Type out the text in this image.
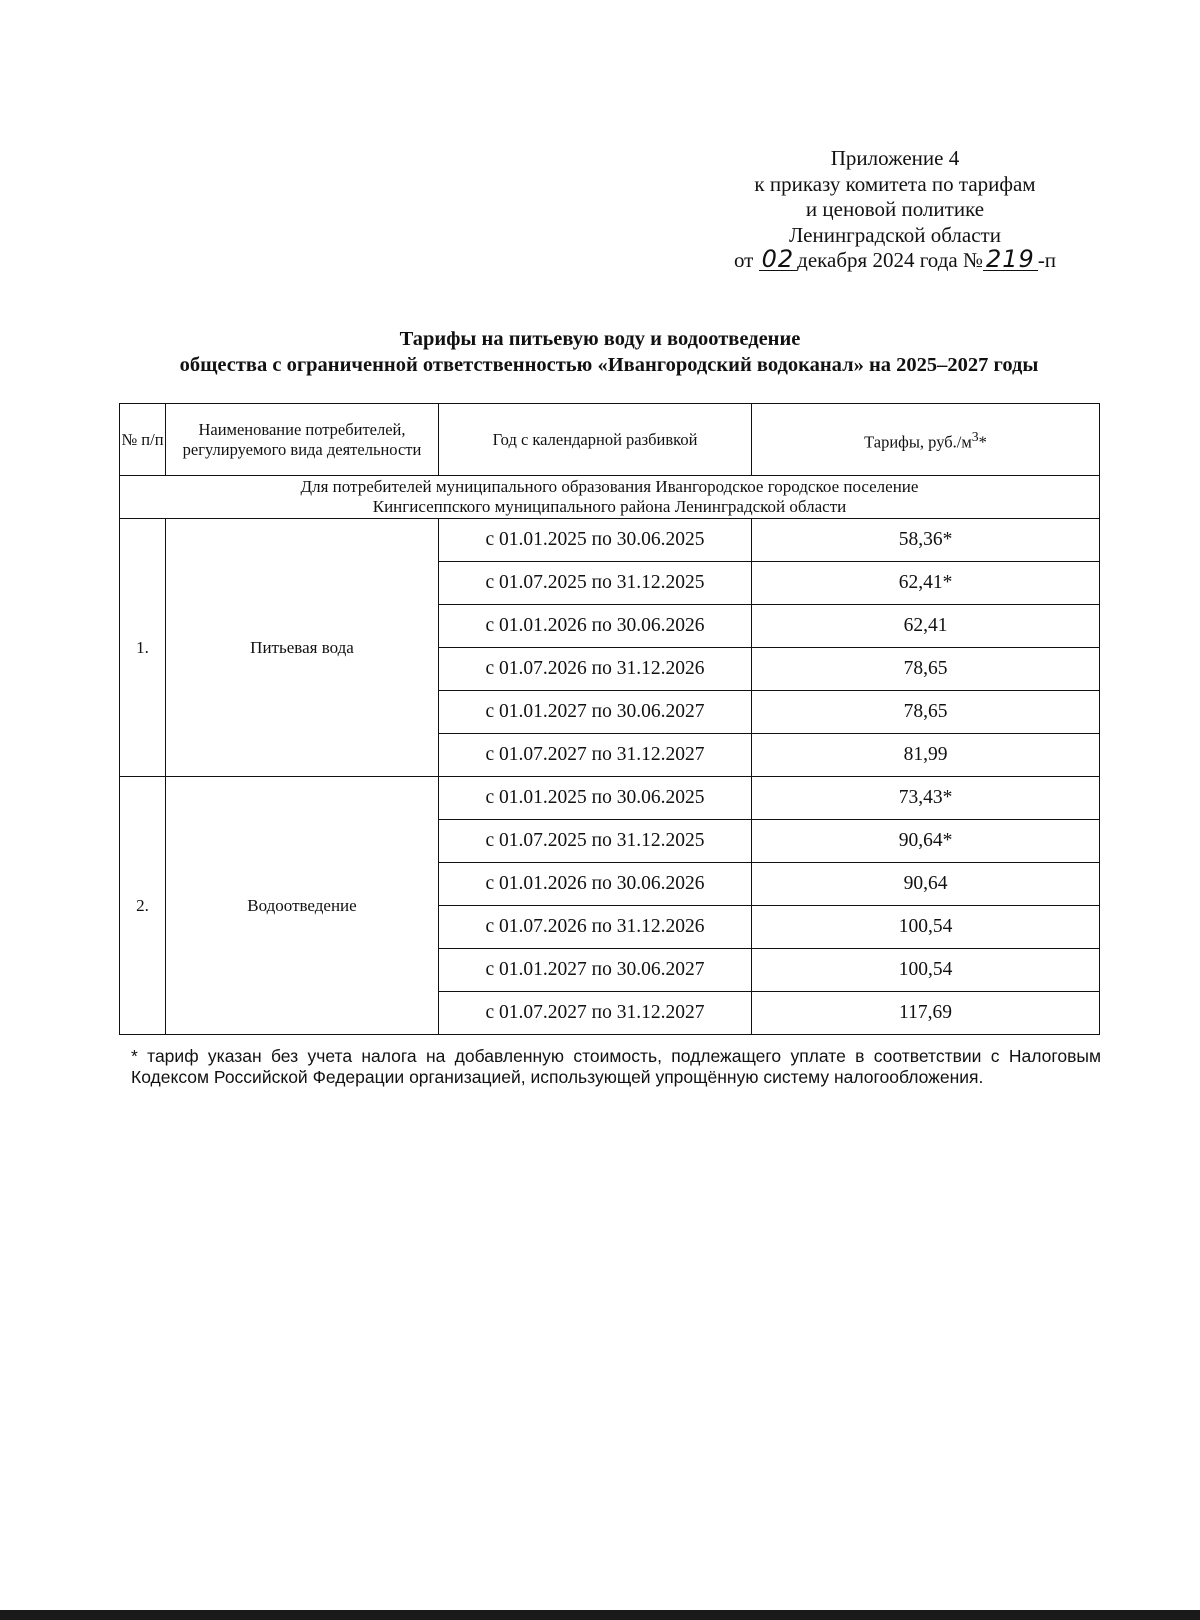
Приложение 4
к приказу комитета по тарифам
и ценовой политике
Ленинградской области
от 02 декабря 2024 года № 219 -п
Тарифы на питьевую воду и водоотведение
общества с ограниченной ответственностью «Ивангородский водоканал» на 2025–2027 годы
№ п/п	Наименование потребителей, регулируемого вида деятельности	Год с календарной разбивкой	Тарифы, $руб./м^3*$

Для потребителей муниципального образования Ивангородское городское поселение
Кингисеппского муниципального района Ленинградской области			

1.	Питьевая вода	с 01.01.2025 по 30.06.2025	58,36*
		с 01.07.2025 по 31.12.2025	62,41*
		с 01.01.2026 по 30.06.2026	62,41
		с 01.07.2026 по 31.12.2026	78,65
		с 01.01.2027 по 30.06.2027	78,65
		с 01.07.2027 по 31.12.2027	81,99
2.	Водоотведение	с 01.01.2025 по 30.06.2025	73,43*
		с 01.07.2025 по 31.12.2025	90,64*
		с 01.01.2026 по 30.06.2026	90,64
		с 01.07.2026 по 31.12.2026	100,54
		с 01.01.2027 по 30.06.2027	100,54
		с 01.07.2027 по 31.12.2027	117,69
* тариф указан без учета налога на добавленную стоимость, подлежащего уплате в соответствии с Налоговым Кодексом Российской Федерации организацией, использующей упрощённую систему налогообложения.
